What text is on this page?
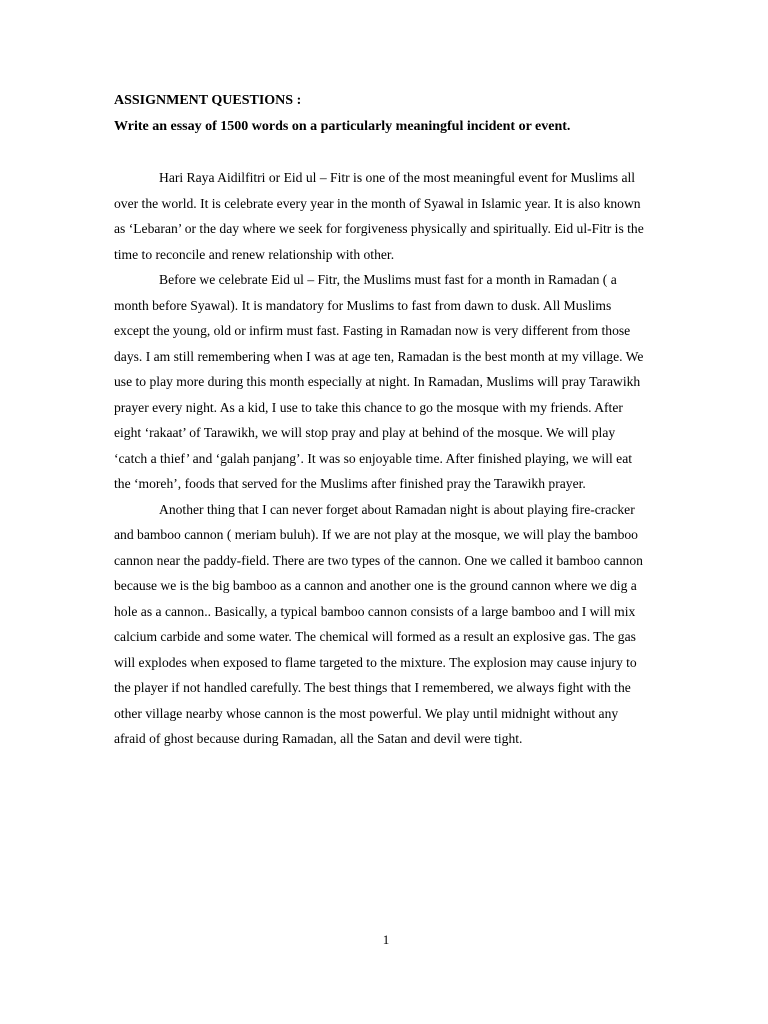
ASSIGNMENT QUESTIONS :

Write an essay of 1500 words on a particularly meaningful incident or event.

Hari Raya Aidilfitri or Eid ul – Fitr is one of the most meaningful event for Muslims all over the world. It is celebrate every year in the month of Syawal in Islamic year. It is also known as ‘Lebaran’ or the day where we seek for forgiveness physically and spiritually. Eid ul-Fitr is the time to reconcile and renew relationship with other.

Before we celebrate Eid ul – Fitr, the Muslims must fast for a month in Ramadan ( a month before Syawal). It is mandatory for Muslims to fast from dawn to dusk. All Muslims except the young, old or infirm must fast. Fasting in Ramadan now is very different from those days. I am still remembering when I was at age ten, Ramadan is the best month at my village. We use to play more during this month especially at night. In Ramadan, Muslims will pray Tarawikh prayer every night. As a kid, I use to take this chance to go the mosque with my friends. After eight ‘rakaat’ of Tarawikh, we will stop pray and play at behind of the mosque. We will play ‘catch a thief’ and ‘galah panjang’. It was so enjoyable time. After finished playing, we will eat the ‘moreh’, foods that served for the Muslims after finished pray the Tarawikh prayer.

Another thing that I can never forget about Ramadan night is about playing fire-cracker and bamboo cannon ( meriam buluh). If we are not play at the mosque, we will play the bamboo cannon near the paddy-field. There are two types of the cannon. One we called it bamboo cannon because we is the big bamboo as a cannon and another one is the ground cannon where we dig a hole as a cannon.. Basically, a typical bamboo cannon consists of a large bamboo and I will mix calcium carbide and some water. The chemical will formed as a result an explosive gas. The gas will explodes when exposed to flame targeted to the mixture. The explosion may cause injury to the player if not handled carefully. The best things that I remembered, we always fight with the other village nearby whose cannon is the most powerful. We play until midnight without any afraid of ghost because during Ramadan, all the Satan and devil were tight.

1
